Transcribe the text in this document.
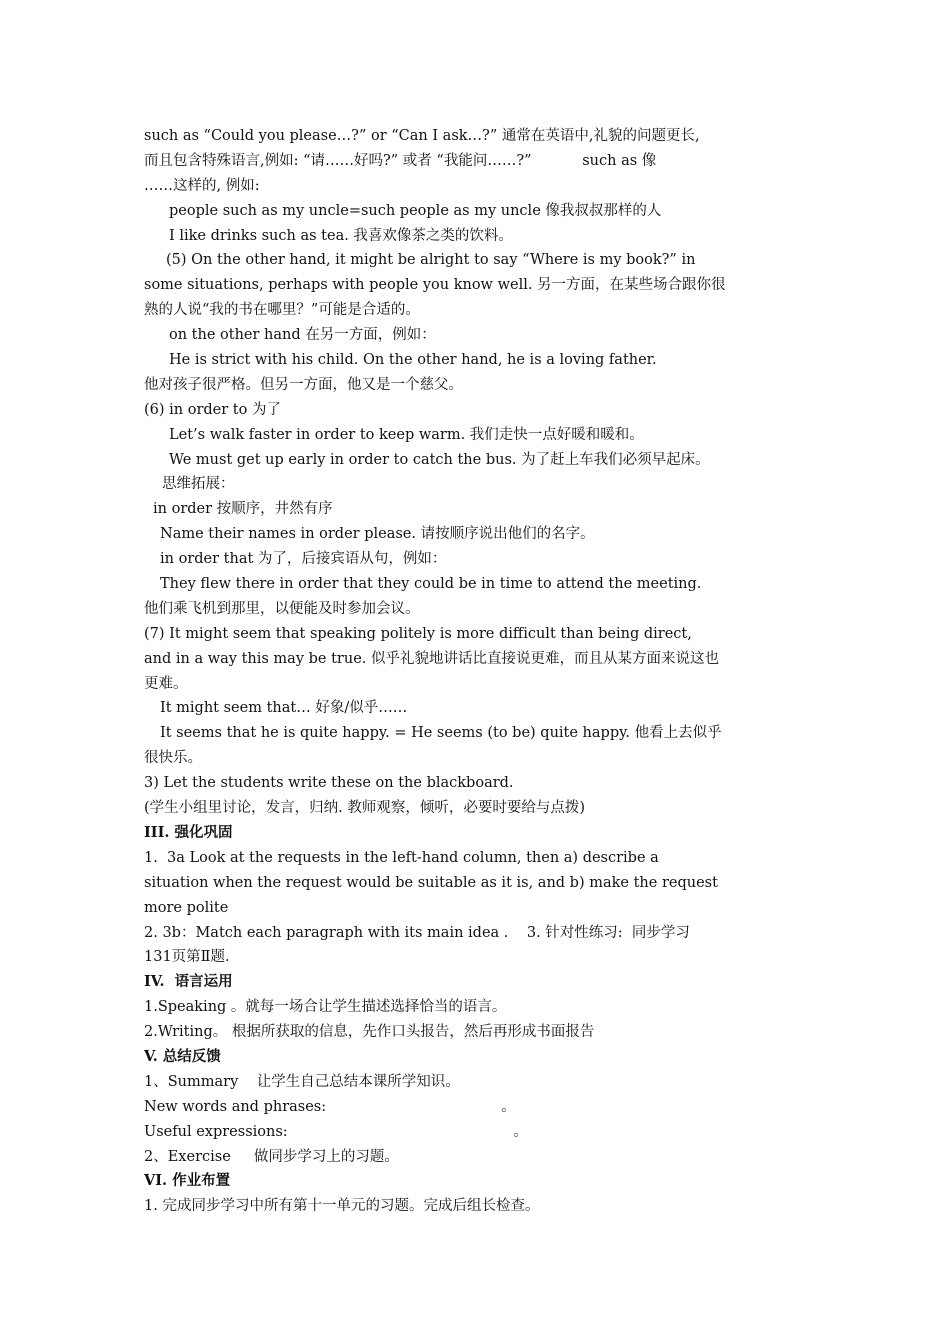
such as “Could you please…?” or “Can I ask…?” 通常在英语中,礼貌的问题更长,
而且包含特殊语言,例如: “请……好吗?” 或者 “我能问……?”           such as 像
……这样的, 例如:
people such as my uncle=such people as my uncle 像我叔叔那样的人
I like drinks such as tea. 我喜欢像茶之类的饮料。
(5) On the other hand, it might be alright to say “Where is my book?” in
some situations, perhaps with people you know well. 另一方面，在某些场合跟你很
熟的人说“我的书在哪里？”可能是合适的。
on the other hand 在另一方面，例如：
He is strict with his child. On the other hand, he is a loving father.
他对孩子很严格。但另一方面，他又是一个慈父。
(6) in order to 为了
Let’s walk faster in order to keep warm. 我们走快一点好暖和暖和。
We must get up early in order to catch the bus. 为了赶上车我们必须早起床。
思维拓展：
in order 按顺序，井然有序
Name their names in order please. 请按顺序说出他们的名字。
in order that 为了，后接宾语从句，例如：
They flew there in order that they could be in time to attend the meeting.
他们乘飞机到那里，以便能及时参加会议。
(7) It might seem that speaking politely is more difficult than being direct,
and in a way this may be true. 似乎礼貌地讲话比直接说更难，而且从某方面来说这也
更难。
It might seem that… 好象/似乎……
It seems that he is quite happy. = He seems (to be) quite happy. 他看上去似乎
很快乐。
3) Let the students write these on the blackboard.
(学生小组里讨论，发言，归纳. 教师观察，倾听，必要时要给与点拨)
III. 强化巩固
1.  3a Look at the requests in the left-hand column, then a) describe a
situation when the request would be suitable as it is, and b) make the request
more polite
2. 3b：Match each paragraph with its main idea .    3. 针对性练习:  同步学习
131页第Ⅱ题.
IV.  语言运用
1.Speaking 。就每一场合让学生描述选择恰当的语言。
2.Writing。 根据所获取的信息，先作口头报告，然后再形成书面报告
V. 总结反馈
1、Summary    让学生自己总结本课所学知识。
New words and phrases:                                      。
Useful expressions:                                                 。
2、Exercise     做同步学习上的习题。
VI. 作业布置
1. 完成同步学习中所有第十一单元的习题。完成后组长检查。
